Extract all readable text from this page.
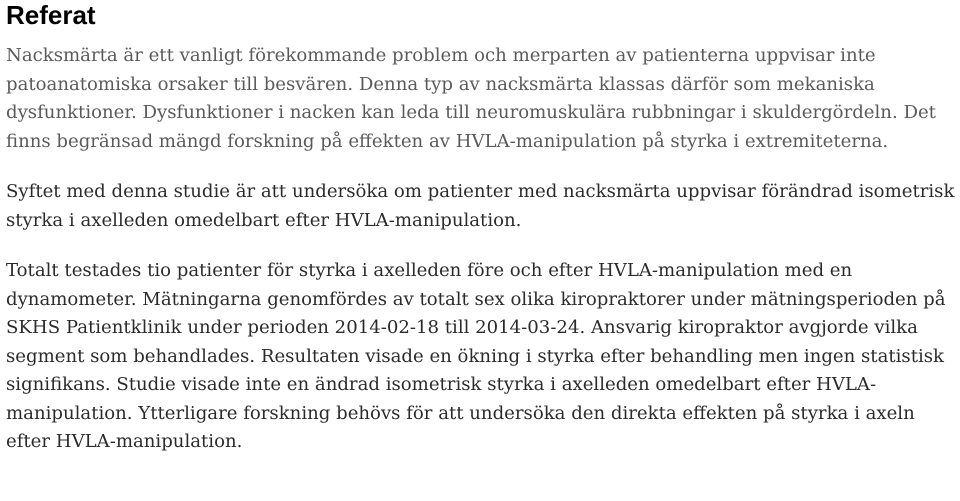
Referat

Nacksmärta är ett vanligt förekommande problem och merparten av patienterna uppvisar inte patoanatomiska orsaker till besvären. Denna typ av nacksmärta klassas därför som mekaniska dysfunktioner. Dysfunktioner i nacken kan leda till neuromuskulära rubbningar i skuldergördeln. Det finns begränsad mängd forskning på effekten av HVLA-manipulation på styrka i extremiteterna.

Syftet med denna studie är att undersöka om patienter med nacksmärta uppvisar förändrad isometrisk styrka i axelleden omedelbart efter HVLA-manipulation.

Totalt testades tio patienter för styrka i axelleden före och efter HVLA-manipulation med en dynamometer. Mätningarna genomfördes av totalt sex olika kiropraktorer under mätningsperioden på SKHS Patientklinik under perioden 2014-02-18 till 2014-03-24. Ansvarig kiropraktor avgjorde vilka segment som behandlades. Resultaten visade en ökning i styrka efter behandling men ingen statistisk signifikans. Studie visade inte en ändrad isometrisk styrka i axelleden omedelbart efter HVLA-manipulation. Ytterligare forskning behövs för att undersöka den direkta effekten på styrka i axeln efter HVLA-manipulation.
